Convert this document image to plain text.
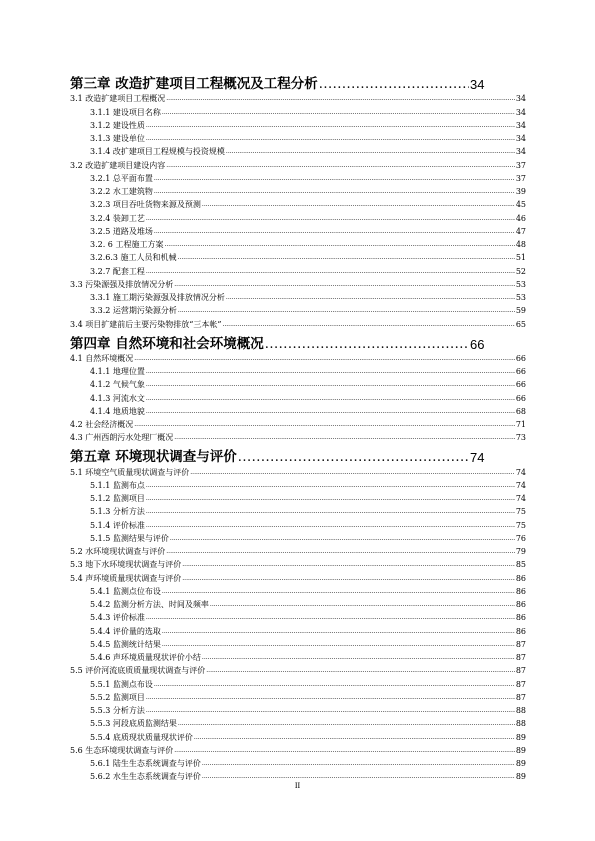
第三章 改造扩建项目工程概况及工程分析 .....	34
3.1 改造扩建项目工程概况 .....	34
3.1.1 建设项目名称 .....	34
3.1.2 建设性质 .....	34
3.1.3 建设单位 .....	34
3.1.4 改扩建项目工程规模与投资规模 .....	34
3.2 改造扩建项目建设内容 .....	37
3.2.1 总平面布置 .....	37
3.2.2 水工建筑物 .....	39
3.2.3 项目吞吐货物来源及预测 .....	45
3.2.4 装卸工艺 .....	46
3.2.5 道路及堆场 .....	47
3.2. 6 工程施工方案 .....	48
3.2.6.3 施工人员和机械 .....	51
3.2.7 配套工程 .....	52
3.3 污染源强及排放情况分析 .....	53
3.3.1 施工期污染源强及排放情况分析 .....	53
3.3.2 运营期污染源分析 .....	59
3.4 项目扩建前后主要污染物排放“三本帐” .....	65
第四章 自然环境和社会环境概况 .....	66
4.1 自然环境概况 .....	66
4.1.1 地理位置 .....	66
4.1.2 气候气象 .....	66
4.1.3 河流水文 .....	66
4.1.4 地质地貌 .....	68
4.2 社会经济概况 .....	71
4.3 广州西朗污水处理厂概况 .....	73
第五章 环境现状调查与评价 .....	74
5.1 环境空气质量现状调查与评价 .....	74
5.1.1 监测布点 .....	74
5.1.2 监测项目 .....	74
5.1.3 分析方法 .....	75
5.1.4 评价标准 .....	75
5.1.5 监测结果与评价 .....	76
5.2 水环境现状调查与评价 .....	79
5.3 地下水环境现状调查与评价 .....	85
5.4 声环境质量现状调查与评价 .....	86
5.4.1 监测点位布设 .....	86
5.4.2 监测分析方法、时间及频率 .....	86
5.4.3 评价标准 .....	86
5.4.4 评价量的选取 .....	86
5.4.5 监测统计结果 .....	87
5.4.6 声环境质量现状评价小结 .....	87
5.5 评价河流底质质量现状调查与评价 .....	87
5.5.1 监测点布设 .....	87
5.5.2 监测项目 .....	87
5.5.3 分析方法 .....	88
5.5.3 河段底质监测结果 .....	88
5.5.4 底质现状质量现状评价 .....	89
5.6 生态环境现状调查与评价 .....	89
5.6.1 陆生生态系统调查与评价 .....	89
5.6.2 水生生态系统调查与评价 .....	89
II
